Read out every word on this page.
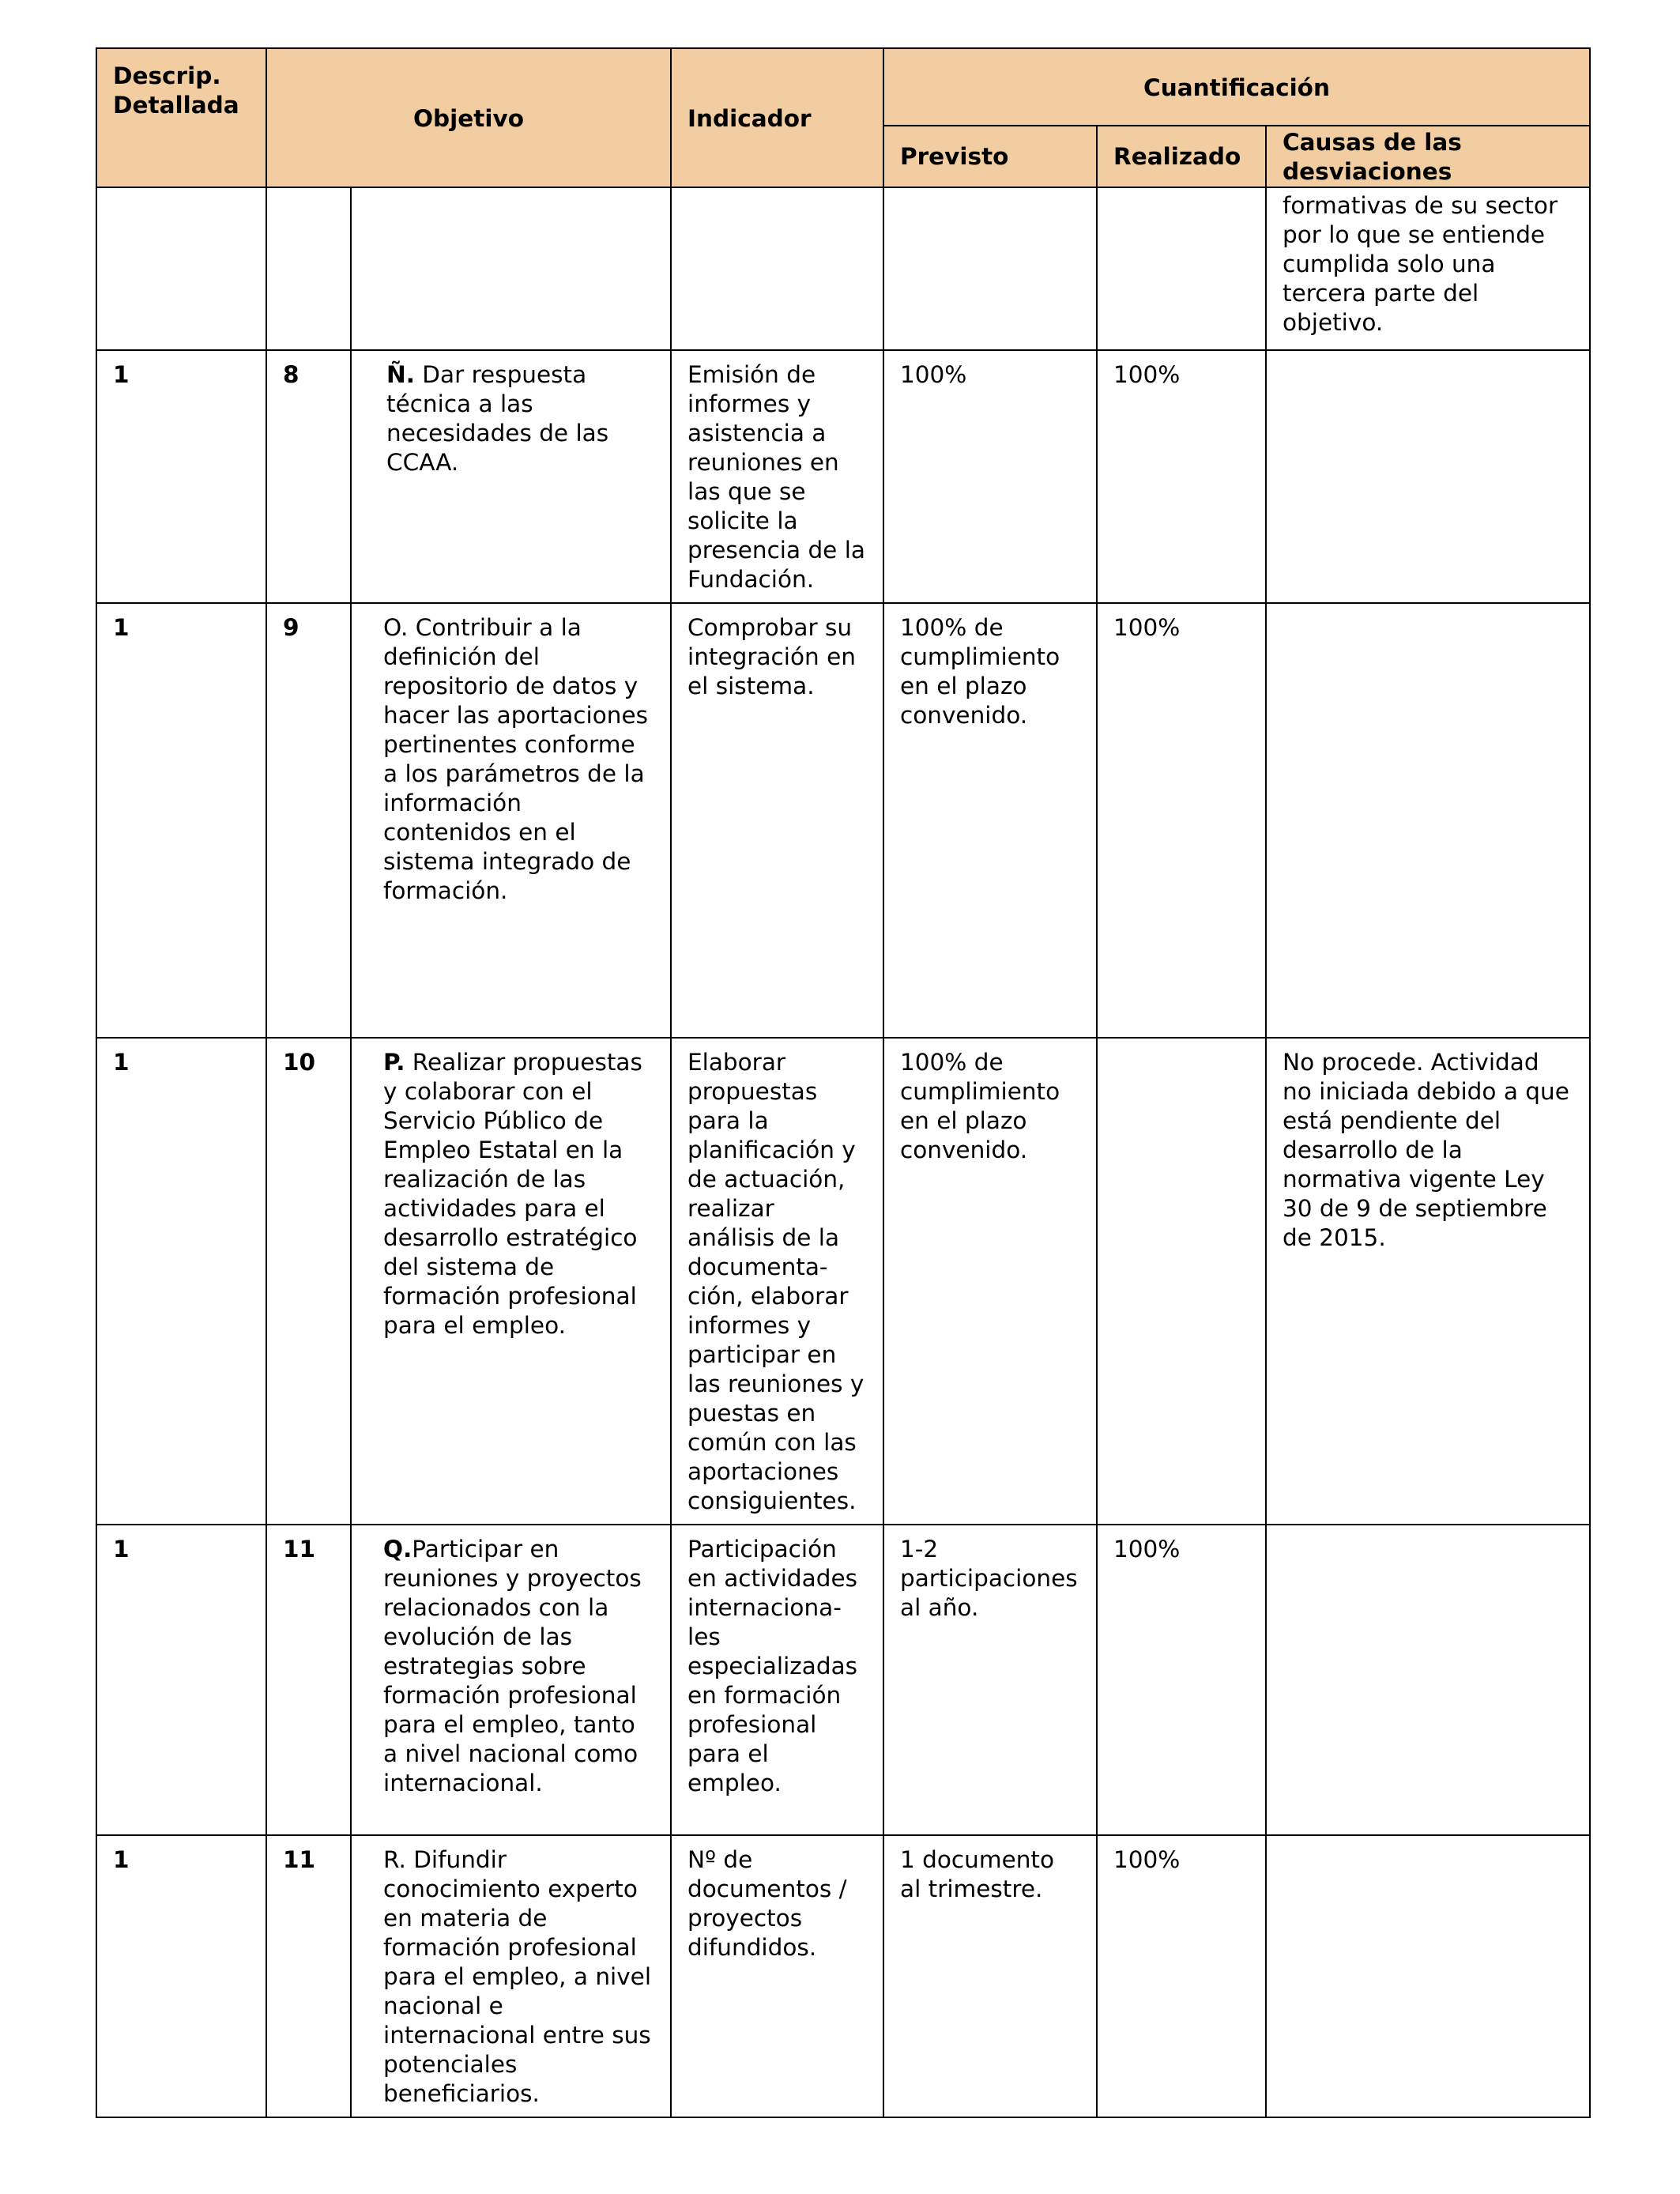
Descrip. Detallada	Objetivo		Indicador	Cuantificación		
				Previsto	Realizado	Causas de las desviaciones
						formativas de su sector por lo que se entiende cumplida solo una tercera parte del objetivo.
1	8	Ñ. Dar respuesta técnica a las necesidades de las CCAA.	Emisión de informes y asistencia a reuniones en las que se solicite la presencia de la Fundación.	100%	100%	
1	9	O. Contribuir a la definición del repositorio de datos y hacer las aportaciones pertinentes conforme a los parámetros de la información contenidos en el sistema integrado de formación.	Comprobar su integración en el sistema.	100% de cumplimiento en el plazo convenido.	100%	
1	10	P. Realizar propuestas y colaborar con el Servicio Público de Empleo Estatal en la realización de las actividades para el desarrollo estratégico del sistema de formación profesional para el empleo.	Elaborar propuestas para la planificación y de actuación, realizar análisis de la documenta-ción, elaborar informes y participar en las reuniones y puestas en común con las aportaciones consiguientes.	100% de cumplimiento en el plazo convenido.		No procede. Actividad no iniciada debido a que está pendiente del desarrollo de la normativa vigente Ley 30 de 9 de septiembre de 2015.
1	11	Q.Participar en reuniones y proyectos relacionados con la evolución de las estrategias sobre formación profesional para el empleo, tanto a nivel nacional como internacional.	Participación en actividades internaciona-les especializadas en formación profesional para el empleo.	1-2 participaciones al año.	100%	
1	11	R. Difundir conocimiento experto en materia de formación profesional para el empleo, a nivel nacional e internacional entre sus potenciales beneficiarios.	Nº de documentos / proyectos difundidos.	1 documento al trimestre.	100%	
